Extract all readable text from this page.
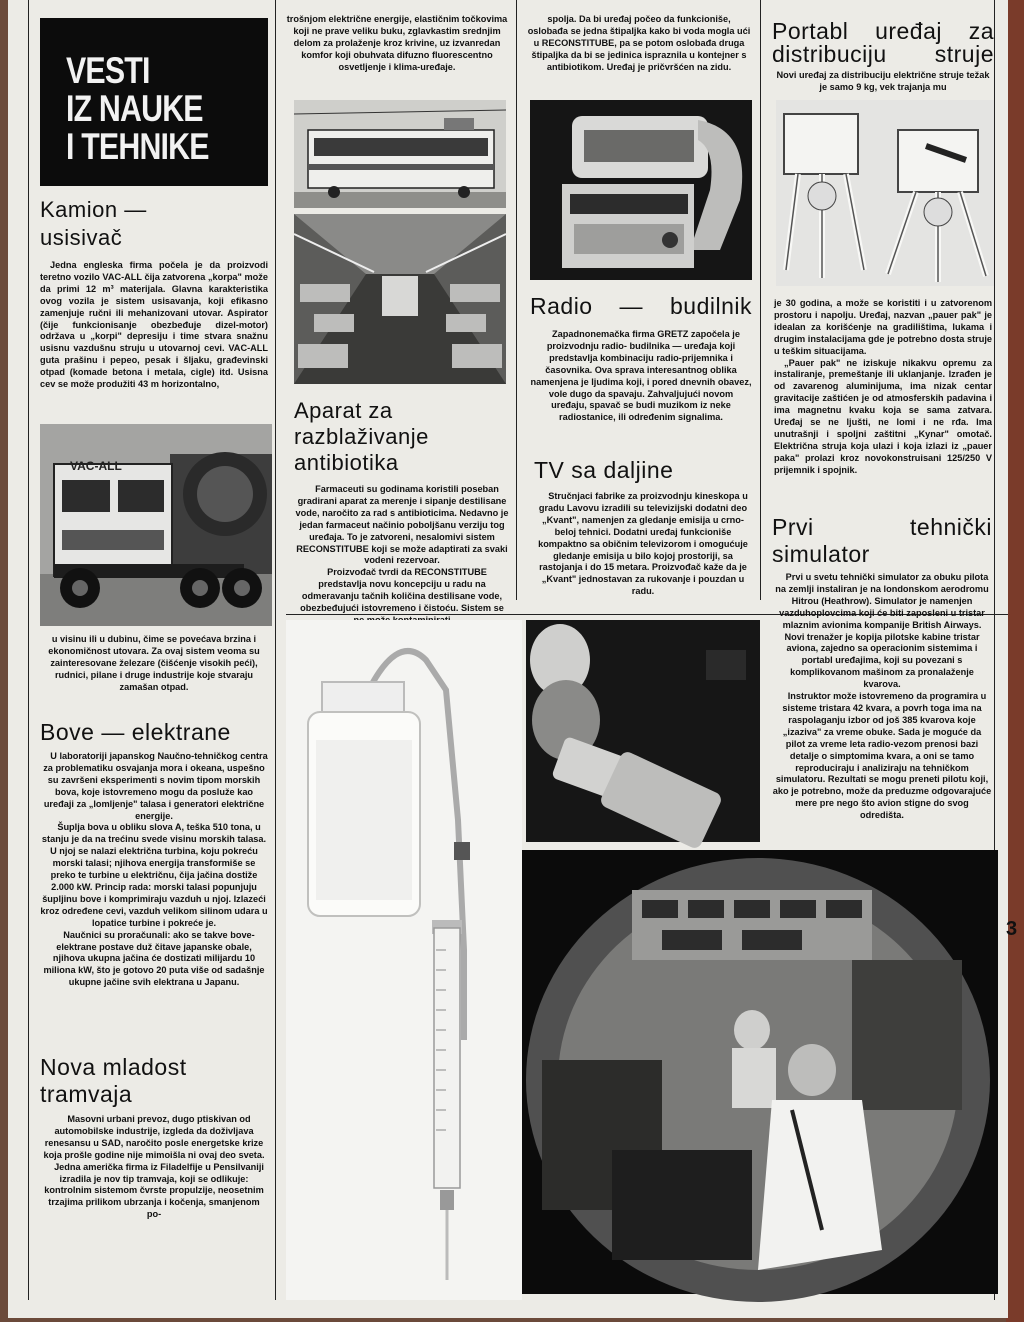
VESTI
IZ NAUKE
I TEHNIKE
Kamion — usisivač

Jedna engleska firma počela je da proizvodi teretno vozilo VAC-ALL čija zatvorena „korpa" može da primi 12 m³ materijala. Glavna karakteristika ovog vozila je sistem usisavanja, koji efikasno zamenjuje ručni ili mehanizovani utovar. Aspirator (čije funkcionisanje obezbeđuje dizel-motor) održava u „korpi" depresiju i time stvara snažnu usisnu vazdušnu struju u utovarnoj cevi. VAC-ALL guta prašinu i pepeo, pesak i šljaku, građevinski otpad (komade betona i metala, cigle) itd. Usisna cev se može produžiti 43 m horizontalno,

VAC-ALL

u visinu ili u dubinu, čime se povećava brzina i ekonomičnost utovara. Za ovaj sistem veoma su zainteresovane železare (čišćenje visokih peći), rudnici, pilane i druge industrije koje stvaraju zamašan otpad.

Bove — elektrane

U laboratoriji japanskog Naučno-tehničkog centra za problematiku osvajanja mora i okeana, uspešno su završeni eksperimenti s novim tipom morskih bova, koje istovremeno mogu da posluže kao uređaji za „lomljenje" talasa i generatori električne energije.

Šuplja bova u obliku slova A, teška 510 tona, u stanju je da na trećinu svede visinu morskih talasa. U njoj se nalazi električna turbina, koju pokreću morski talasi; njihova energija transformiše se preko te turbine u električnu, čija jačina dostiže 2.000 kW. Princip rada: morski talasi popunjuju šupljinu bove i komprimiraju vazduh u njoj. Izlazeći kroz određene cevi, vazduh velikom silinom udara u lopatice turbine i pokreće je.

Naučnici su proračunali: ako se takve bove-elektrane postave duž čitave japanske obale, njihova ukupna jačina će dostizati milijardu 10 miliona kW, što je gotovo 20 puta više od sadašnje ukupne jačine svih elektrana u Japanu.

Nova mladost tramvaja

Masovni urbani prevoz, dugo ptiskivan od automobilske industrije, izgleda da doživljava renesansu u SAD, naročito posle energetske krize koja prošle godine nije mimoišla ni ovaj deo sveta.

Jedna američka firma iz Filadelfije u Pensilvaniji izradila je nov tip tramvaja, koji se odlikuje: kontrolnim sistemom čvrste propulzije, neosetnim trzajima prilikom ubrzanja i kočenja, smanjenom po-

trošnjom električne energije, elastičnim točkovima koji ne prave veliku buku, zglavkastim srednjim delom za prolaženje kroz krivine, uz izvanredan komfor koji obuhvata difuzno fluorescentno osvetljenje i klima-uređaje.

Aparat za razblaživanje antibiotika

Farmaceuti su godinama koristili poseban gradirani aparat za merenje i sipanje destilisane vode, naročito za rad s antibioticima. Nedavno je jedan farmaceut načinio poboljšanu verziju tog uređaja. To je zatvoreni, nesalomivi sistem RECONSTITUBE koji se može adaptirati za svaki vodeni rezervoar.

Proizvođač tvrdi da RECONSTITUBE predstavlja novu koncepciju u radu na odmeravanju tačnih količina destilisane vode, obezbeđujući istovremeno i čistoću. Sistem se

spolja. Da bi uređaj počeo da funkcioniše, oslobađa se jedna štipaljka kako bi voda mogla ući u RECONSTITUBE, pa se potom oslobađa druga štipaljka da bi se jedinica ispraznila u kontejner s antibiotikom. Uređaj je pričvršćen na zidu.

Radio — budilnik

Zapadnonemačka firma GRETZ započela je proizvodnju radio- budilnika — uređaja koji predstavlja kombinaciju radio-prijemnika i časovnika. Ova sprava interesantnog oblika namenjena je ljudima koji, i pored dnevnih obavez, vole dugo da spavaju. Zahvaljujući novom uređaju, spavač se budi muzikom iz neke radiostanice, ili određenim signalima.

TV sa daljine

Stručnjaci fabrike za proizvodnju kineskopa u gradu Lavovu izradili su televizijski dodatni deo „Kvant", namenjen za gledanje emisija u crno-belој tehnici. Dodatni uređaj funkcioniše kompaktno sa običnim televizorom i omogućuje gledanje emisija u bilo kojoj prostoriji, sa rastojanja i do 15 metara. Proizvođač kaže da je „Kvant" jednostavan za rukovanje i pouzdan u radu.

Portabl uređaj za distribuciju struje

Novi uređaj za distribuciju električne struje težak je samo 9 kg, vek trajanja mu

je 30 godina, a može se koristiti i u zatvorenom prostoru i napolju. Uređaj, nazvan „pauer pak" je idealan za korišćenje na gradilištima, lukama i drugim instalacijama gde je potrebno dosta struje u teškim situacijama.

„Pauer pak" ne iziskuje nikakvu opremu za instaliranje, premeštanje ili uklanjanje. Izrađen je od zavarenog aluminijuma, ima nizak centar gravitacije zaštićen je od atmosferskih padavina i ima magnetnu kvaku koja se sama zatvara. Uređaj se ne ljušti, ne lomi i ne rđa. Ima unutrašnji i spoljni zaštitni „Kynar" omotač. Električna struja koja ulazi i koja izlazi iz „pauer paka" prolazi kroz novokonstruisani 125/250 V prijemnik i spojnik.

Prvi tehnički simulator

Prvi u svetu tehnički simulator za obuku pilota na zemlji instaliran je na londonskom aerodromu Hitrou (Heathrow). Simulator je namenjen vazduhoplovcima koji će biti zaposleni u tristar mlaznim avionima kompanije British Airways. Novi trenažer je kopija pilotske kabine tristar aviona, zajedno sa operacionim sistemima i portabl uređajima, koji su povezani s komplikovanom mašinom za pronalaženje kvarova.

Instruktor može istovremeno da programira u sisteme tristara 42 kvara, a povrh toga ima na raspolaganju izbor od još 385 kvarova koje „izaziva" za vreme obuke. Sada je moguće da pilot za vreme leta radio-vezom prenosi bazi detalje o simptomima kvara, a oni se tamo reproduciraju i analiziraju na tehničkom simulatoru. Rezultati se mogu preneti pilotu koji, ako je potrebno, može da preduzme odgovarajuće mere pre nego što avion stigne do svog odredišta.

3
